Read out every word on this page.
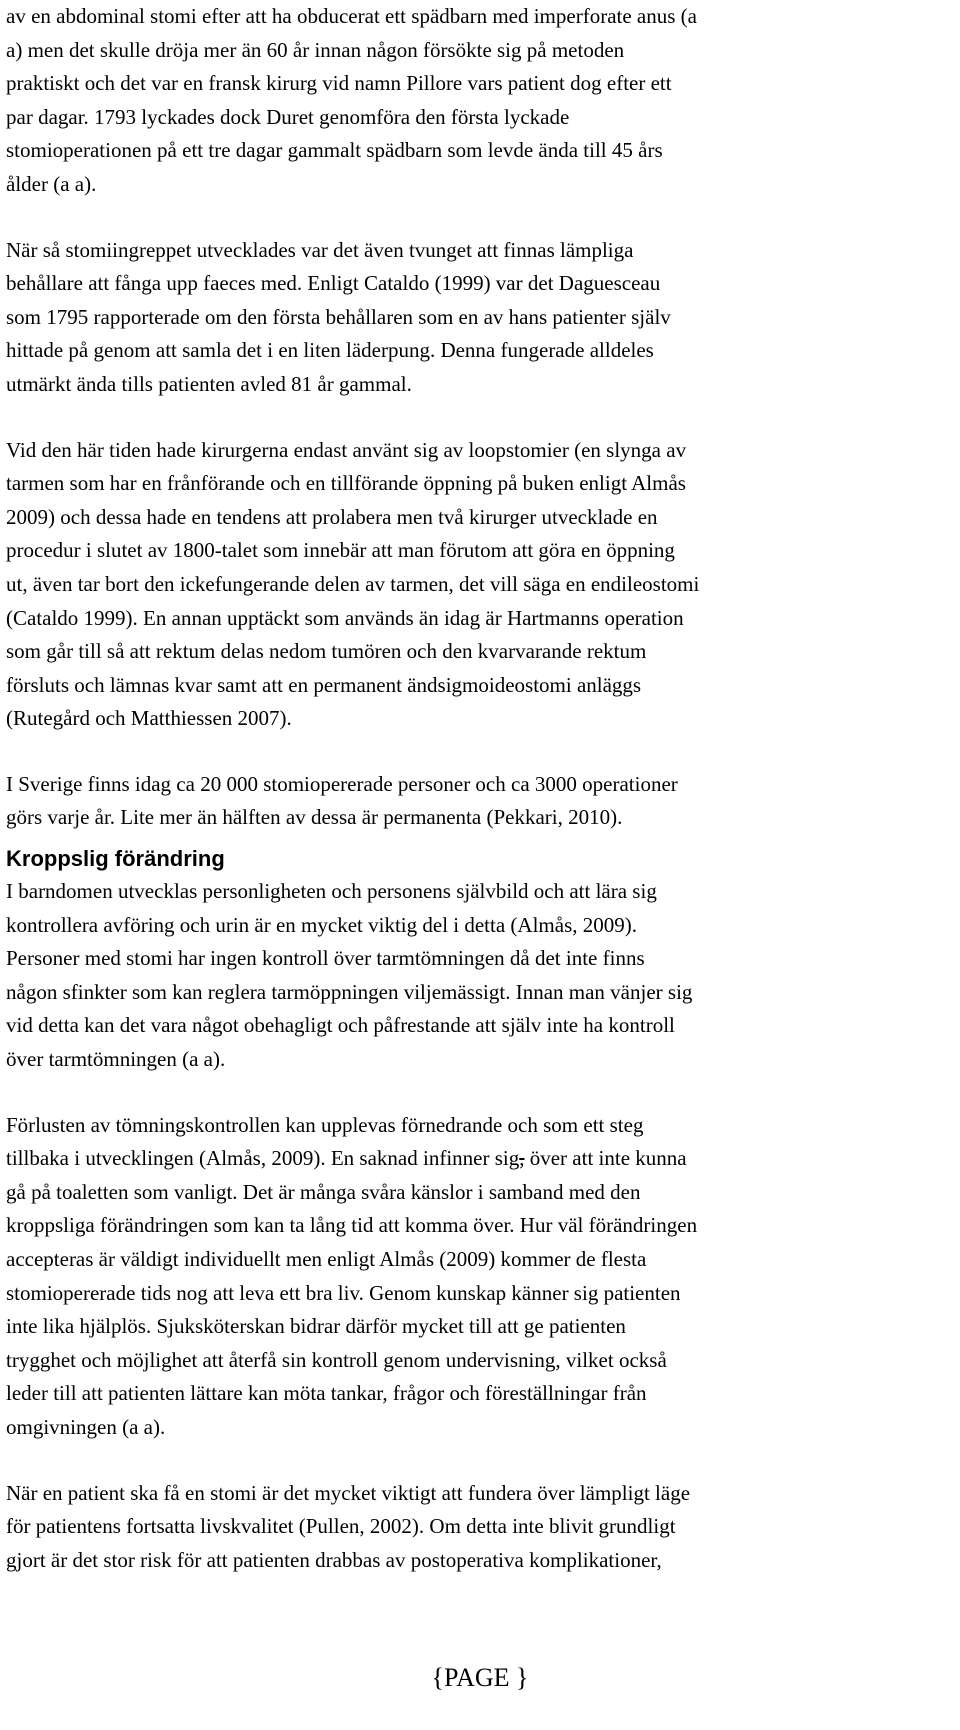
av en abdominal stomi efter att ha obducerat ett spädbarn med imperforate anus (a
a) men det skulle dröja mer än 60 år innan någon försökte sig på metoden
praktiskt och det var en fransk kirurg vid namn Pillore vars patient dog efter ett
par dagar. 1793 lyckades dock Duret genomföra den första lyckade
stomioperationen på ett tre dagar gammalt spädbarn som levde ända till 45 års
ålder (a a).

När så stomiingreppet utvecklades var det även tvunget att finnas lämpliga
behållare att fånga upp faeces med. Enligt Cataldo (1999) var det Daguesceau
som 1795 rapporterade om den första behållaren som en av hans patienter själv
hittade på genom att samla det i en liten läderpung. Denna fungerade alldeles
utmärkt ända tills patienten avled 81 år gammal.

Vid den här tiden hade kirurgerna endast använt sig av loopstomier (en slynga av
tarmen som har en frånförande och en tillförande öppning på buken enligt Almås
2009) och dessa hade en tendens att prolabera men två kirurger utvecklade en
procedur i slutet av 1800-talet som innebär att man förutom att göra en öppning
ut, även tar bort den ickefungerande delen av tarmen, det vill säga en endileostomi
(Cataldo 1999). En annan upptäckt som används än idag är Hartmanns operation
som går till så att rektum delas nedom tumören och den kvarvarande rektum
försluts och lämnas kvar samt att en permanent ändsigmoideostomi anläggs
(Rutegård och Matthiessen 2007).

I Sverige finns idag ca 20 000 stomiopererade personer och ca 3000 operationer
görs varje år. Lite mer än hälften av dessa är permanenta (Pekkari, 2010).

Kroppslig förändring

I barndomen utvecklas personligheten och personens självbild och att lära sig
kontrollera avföring och urin är en mycket viktig del i detta (Almås, 2009).
Personer med stomi har ingen kontroll över tarmtömningen då det inte finns
någon sfinkter som kan reglera tarmöppningen viljemässigt. Innan man vänjer sig
vid detta kan det vara något obehagligt och påfrestande att själv inte ha kontroll
över tarmtömningen (a a).

Förlusten av tömningskontrollen kan upplevas förnedrande och som ett steg
tillbaka i utvecklingen (Almås, 2009). En saknad infinner sig, över att inte kunna
gå på toaletten som vanligt. Det är många svåra känslor i samband med den
kroppsliga förändringen som kan ta lång tid att komma över. Hur väl förändringen
accepteras är väldigt individuellt men enligt Almås (2009) kommer de flesta
stomiopererade tids nog att leva ett bra liv. Genom kunskap känner sig patienten
inte lika hjälplös. Sjuksköterskan bidrar därför mycket till att ge patienten
trygghet och möjlighet att återfå sin kontroll genom undervisning, vilket också
leder till att patienten lättare kan möta tankar, frågor och föreställningar från
omgivningen (a a).

När en patient ska få en stomi är det mycket viktigt att fundera över lämpligt läge
för patientens fortsatta livskvalitet (Pullen, 2002). Om detta inte blivit grundligt
gjort är det stor risk för att patienten drabbas av postoperativa komplikationer,

{PAGE }
